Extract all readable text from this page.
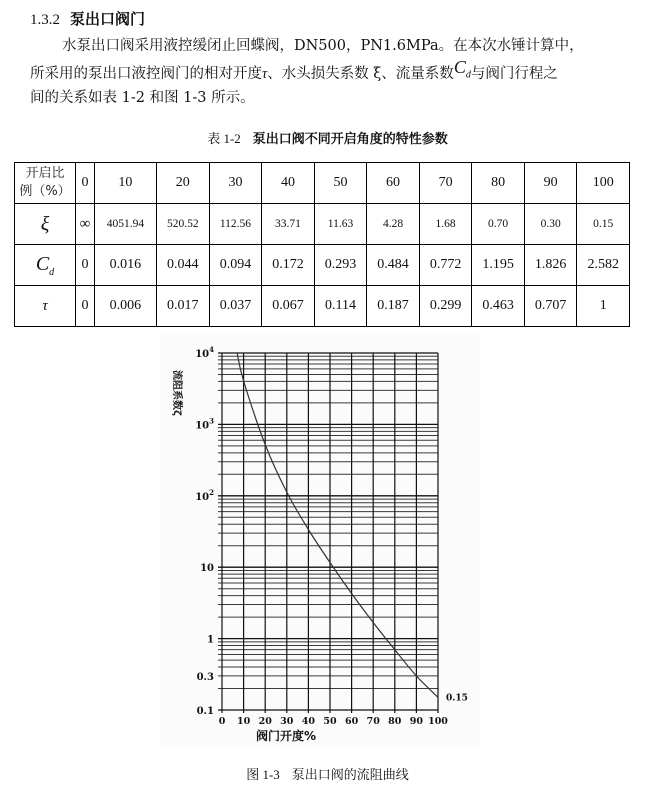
1.3.2 泵出口阀门
水泵出口阀采用液控缓闭止回蝶阀，DN500，PN1.6MPa。在本次水锤计算中，
所采用的泵出口液控阀门的相对开度τ、水头损失系数 ξ、流量系数$C_d$与阀门行程之
间的关系如表 1-2 和图 1-3 所示。
表 1-2 泵出口阀不同开启角度的特性参数
开启比
例（%）	0	10	20	30	40	50	60	70	80	90	100
ξ	∞	4051.94	520.52	112.56	33.71	11.63	4.28	1.68	0.70	0.30	0.15
$C_d$	0	0.016	0.044	0.094	0.172	0.293	0.484	0.772	1.195	1.826	2.582
τ	0	0.006	0.017	0.037	0.067	0.114	0.187	0.299	0.463	0.707	1
$10^4$
$10^3$
$10^2$
10
1
0.3
0.1
0 10 20 30 40 50 60 70 80 90 100
阀门开度%
流阻系数ζ
0.15
图 1-3 泵出口阀的流阻曲线
